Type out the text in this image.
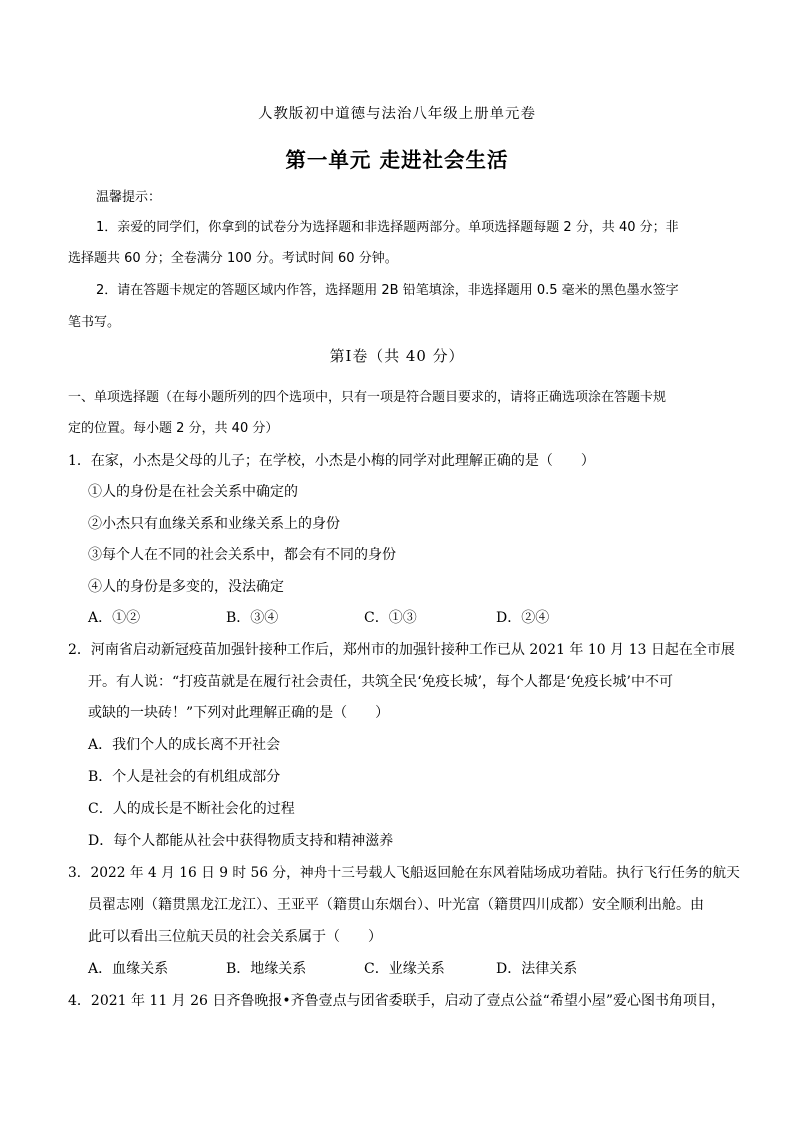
人教版初中道德与法治八年级上册单元卷
第一单元 走进社会生活
温馨提示：
1．亲爱的同学们，你拿到的试卷分为选择题和非选择题两部分。单项选择题每题 2 分，共 40 分；非
选择题共 60 分；全卷满分 100 分。考试时间 60 分钟。
2．请在答题卡规定的答题区域内作答，选择题用 2B 铅笔填涂，非选择题用 0.5 毫米的黑色墨水签字
笔书写。
第Ⅰ卷（共 40 分）
一、单项选择题（在每小题所列的四个选项中，只有一项是符合题目要求的，请将正确选项涂在答题卡规
定的位置。每小题 2 分，共 40 分）
1．在家，小杰是父母的儿子；在学校，小杰是小梅的同学对此理解正确的是（　　）
①人的身份是在社会关系中确定的
②小杰只有血缘关系和业缘关系上的身份
③每个人在不同的社会关系中，都会有不同的身份
④人的身份是多变的，没法确定
A．①②	B．③④	C．①③	D．②④
2．河南省启动新冠疫苗加强针接种工作后，郑州市的加强针接种工作已从 2021 年 10 月 13 日起在全市展
开。有人说：“打疫苗就是在履行社会责任，共筑全民‘免疫长城’，每个人都是‘免疫长城’中不可
或缺的一块砖！”下列对此理解正确的是（　　）
A．我们个人的成长离不开社会
B．个人是社会的有机组成部分
C．人的成长是不断社会化的过程
D．每个人都能从社会中获得物质支持和精神滋养
3．2022 年 4 月 16 日 9 时 56 分，神舟十三号载人飞船返回舱在东风着陆场成功着陆。执行飞行任务的航天
员翟志刚（籍贯黑龙江龙江）、王亚平（籍贯山东烟台）、叶光富（籍贯四川成都）安全顺利出舱。由
此可以看出三位航天员的社会关系属于（　　）
A．血缘关系	B．地缘关系	C．业缘关系	D．法律关系
4．2021 年 11 月 26 日齐鲁晚报•齐鲁壹点与团省委联手，启动了壹点公益“希望小屋”爱心图书角项目，
